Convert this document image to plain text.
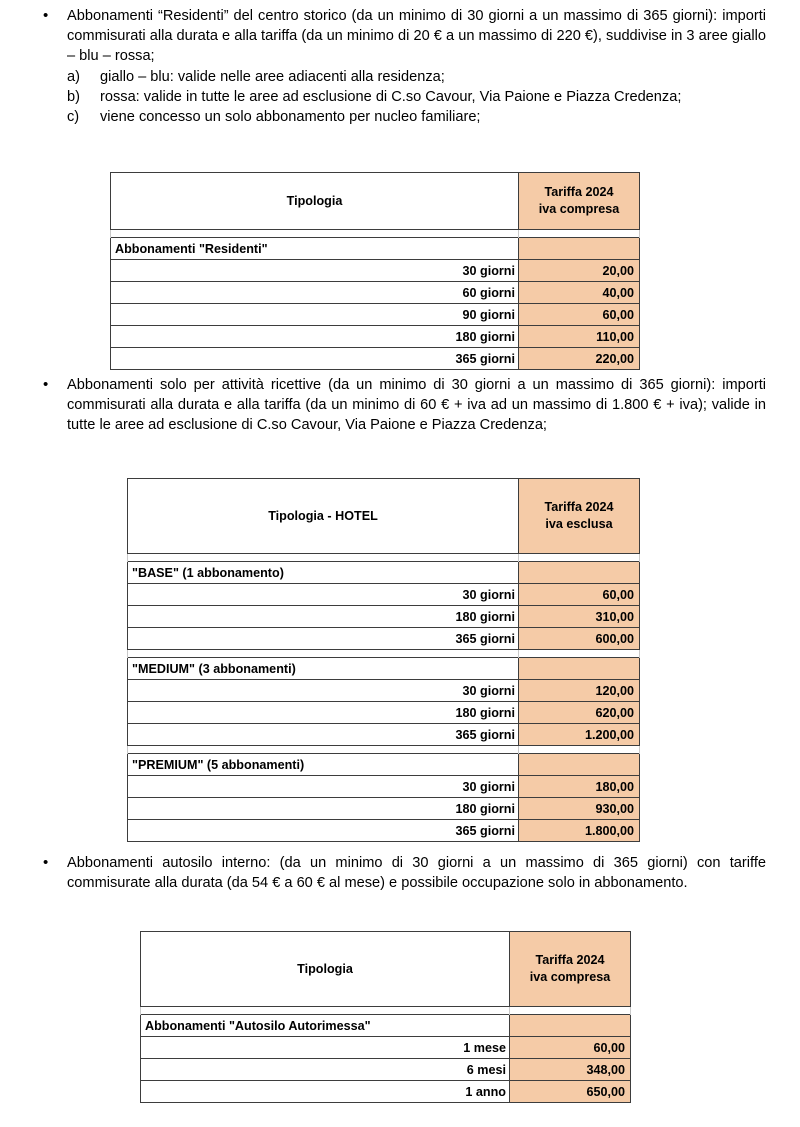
• Abbonamenti “Residenti” del centro storico (da un minimo di 30 giorni a un massimo di 365 giorni): importi commisurati alla durata e alla tariffa (da un minimo di 20 € a un massimo di 220 €), suddivise in 3 aree giallo – blu – rossa;

a) giallo – blu: valide nelle aree adiacenti alla residenza;
b) rossa: valide in tutte le aree ad esclusione di C.so Cavour, Via Paione e Piazza Credenza;
c) viene concesso un solo abbonamento per nucleo familiare;
Tipologia	Tariffa 2024
iva compresa

Abbonamenti "Residenti"	
30 giorni	20,00
60 giorni	40,00
90 giorni	60,00
180 giorni	110,00
365 giorni	220,00
• Abbonamenti solo per attività ricettive (da un minimo di 30 giorni a un massimo di 365 giorni): importi commisurati alla durata e alla tariffa (da un minimo di 60 € + iva ad un massimo di 1.800 € + iva); valide in tutte le aree ad esclusione di C.so Cavour, Via Paione e Piazza Credenza;

Tipologia - HOTEL	Tariffa 2024
iva esclusa

"BASE" (1 abbonamento)	
30 giorni	60,00
180 giorni	310,00
365 giorni	600,00

"MEDIUM" (3 abbonamenti)	
30 giorni	120,00
180 giorni	620,00
365 giorni	1.200,00

"PREMIUM" (5 abbonamenti)	
30 giorni	180,00
180 giorni	930,00
365 giorni	1.800,00
• Abbonamenti autosilo interno: (da un minimo di 30 giorni a un massimo di 365 giorni) con tariffe commisurate alla durata (da 54 € a 60 € al mese) e possibile occupazione solo in abbonamento.

Tipologia	Tariffa 2024
iva compresa

Abbonamenti "Autosilo Autorimessa"	
1 mese	60,00
6 mesi	348,00
1 anno	650,00
